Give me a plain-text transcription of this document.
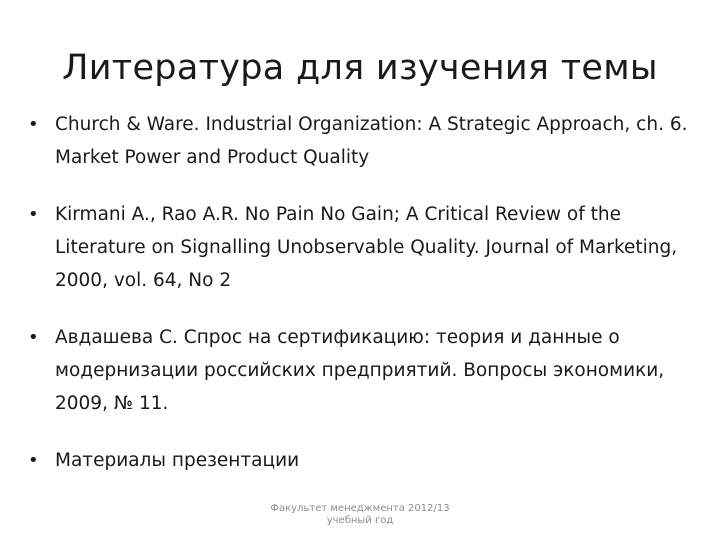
Литература для изучения темы
• Church & Ware. Industrial Organization: A Strategic Approach, ch. 6. Market Power and Product Quality
• Kirmani A., Rao A.R. No Pain No Gain; A Critical Review of the Literature on Signalling Unobservable Quality. Journal of Marketing, 2000, vol. 64, No 2
• Авдашева С. Спрос на сертификацию: теория и данные о модернизации российских предприятий. Вопросы экономики, 2009, № 11.
• Материалы презентации
Факультет менеджмента 2012/13
учебный год
